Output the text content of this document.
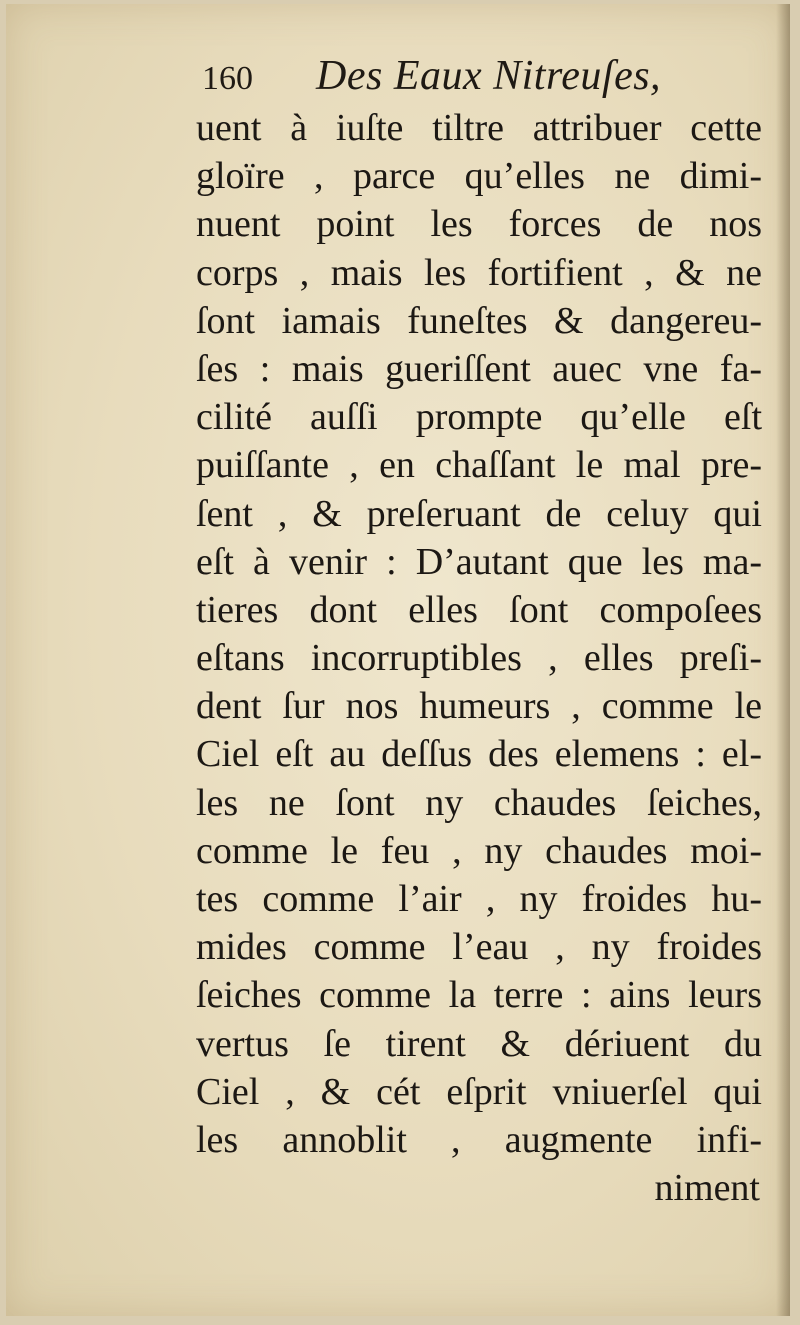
160 Des Eaux Nitreuſes,
uent à iuſte tiltre attribuer cette
gloïre , parce qu’elles ne dimi-
nuent point les forces de nos
corps , mais les fortifient , & ne
ſont iamais funeſtes & dangereu-
ſes : mais gueriſſent auec vne fa-
cilité auſſi prompte qu’elle eſt
puiſſante , en chaſſant le mal pre-
ſent , & preſeruant de celuy qui
eſt à venir : D’autant que les ma-
tieres dont elles ſont compoſees
eſtans incorruptibles , elles preſi-
dent ſur nos humeurs , comme le
Ciel eſt au deſſus des elemens : el-
les ne ſont ny chaudes ſeiches,
comme le feu , ny chaudes moi-
tes comme l’air , ny froides hu-
mides comme l’eau , ny froides
ſeiches comme la terre : ains leurs
vertus ſe tirent & dériuent du
Ciel , & cét eſprit vniuerſel qui
les annoblit , augmente infi-
niment
